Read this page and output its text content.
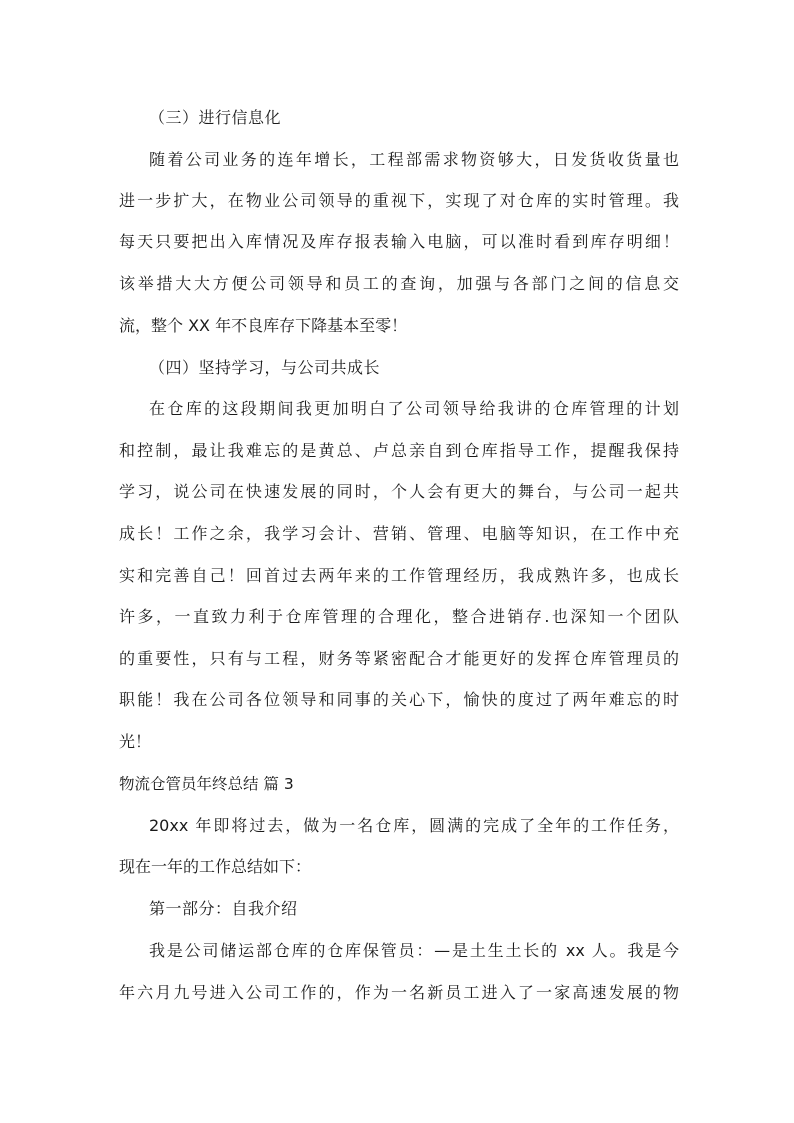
（三）进行信息化
随着公司业务的连年增长，工程部需求物资够大，日发货收货量也
进一步扩大，在物业公司领导的重视下，实现了对仓库的实时管理。我
每天只要把出入库情况及库存报表输入电脑，可以准时看到库存明细！
该举措大大方便公司领导和员工的查询，加强与各部门之间的信息交
流，整个 XX 年不良库存下降基本至零！
（四）坚持学习，与公司共成长
在仓库的这段期间我更加明白了公司领导给我讲的仓库管理的计划
和控制，最让我难忘的是黄总、卢总亲自到仓库指导工作，提醒我保持
学习，说公司在快速发展的同时，个人会有更大的舞台，与公司一起共
成长！工作之余，我学习会计、营销、管理、电脑等知识，在工作中充
实和完善自己！回首过去两年来的工作管理经历，我成熟许多，也成长
许多，一直致力利于仓库管理的合理化，整合进销存.也深知一个团队
的重要性，只有与工程，财务等紧密配合才能更好的发挥仓库管理员的
职能！我在公司各位领导和同事的关心下，愉快的度过了两年难忘的时
光！
物流仓管员年终总结 篇 3
20xx 年即将过去，做为一名仓库，圆满的完成了全年的工作任务，
现在一年的工作总结如下：
第一部分：自我介绍
我是公司储运部仓库的仓库保管员：—是土生土长的 xx 人。我是今
年六月九号进入公司工作的，作为一名新员工进入了一家高速发展的物
